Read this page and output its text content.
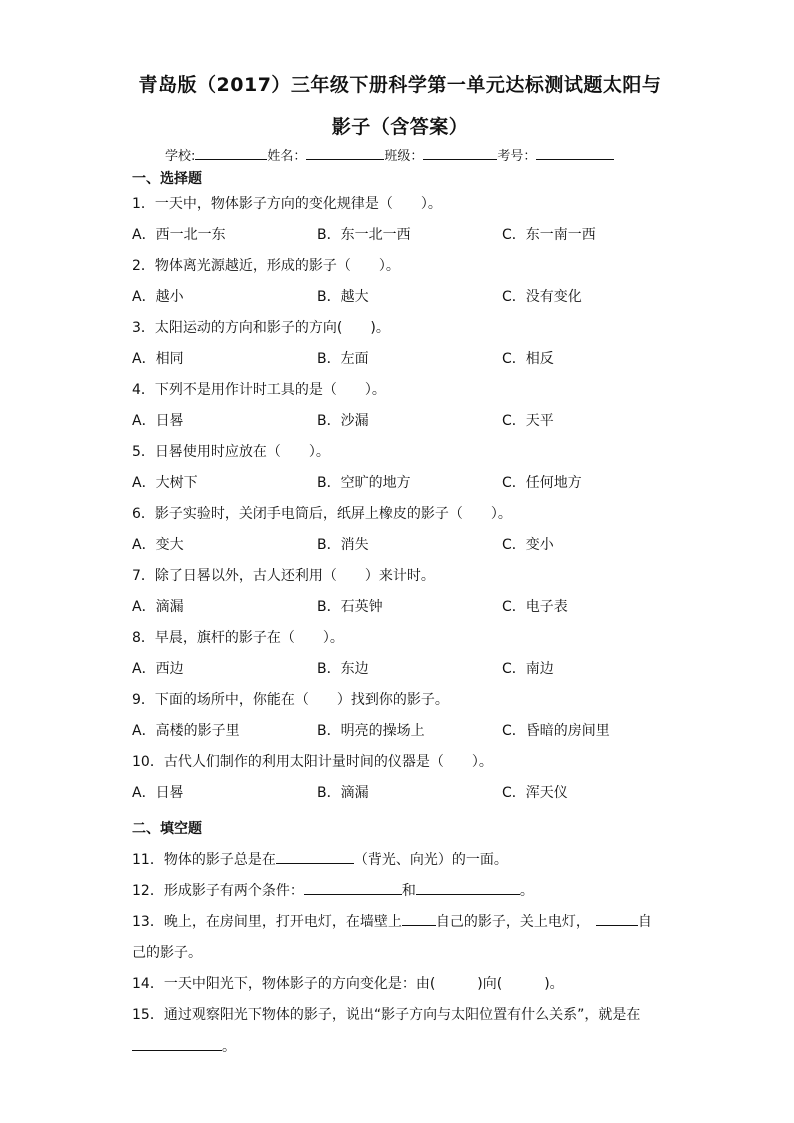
青岛版（2017）三年级下册科学第一单元达标测试题太阳与
影子（含答案）
学校:	姓名：	班级：	考号：
一、选择题
1．一天中，物体影子方向的变化规律是（　　）。
A．西一北一东	B．东一北一西	C．东一南一西
2．物体离光源越近，形成的影子（　　）。
A．越小	B．越大	C．没有变化
3．太阳运动的方向和影子的方向(　　)。
A．相同	B．左面	C．相反
4．下列不是用作计时工具的是（　　）。
A．日晷	B．沙漏	C．天平
5．日晷使用时应放在（　　）。
A．大树下	B．空旷的地方	C．任何地方
6．影子实验时，关闭手电筒后，纸屏上橡皮的影子（　　）。
A．变大	B．消失	C．变小
7．除了日晷以外，古人还利用（　　）来计时。
A．滴漏	B．石英钟	C．电子表
8．早晨，旗杆的影子在（　　）。
A．西边	B．东边	C．南边
9．下面的场所中，你能在（　　）找到你的影子。
A．高楼的影子里	B．明亮的操场上	C．昏暗的房间里
10．古代人们制作的利用太阳计量时间的仪器是（　　）。
A．日晷	B．滴漏	C．浑天仪
二、填空题
11．物体的影子总是在	（背光、向光）的一面。
12．形成影子有两个条件：	和	。
13．晚上，在房间里，打开电灯，在墙壁上 自己的影子，关上电灯，	自
己的影子。
14．一天中阳光下，物体影子的方向变化是：由(　　　)向(　　　)。
15．通过观察阳光下物体的影子，说出“影子方向与太阳位置有什么关系”，就是在
。
